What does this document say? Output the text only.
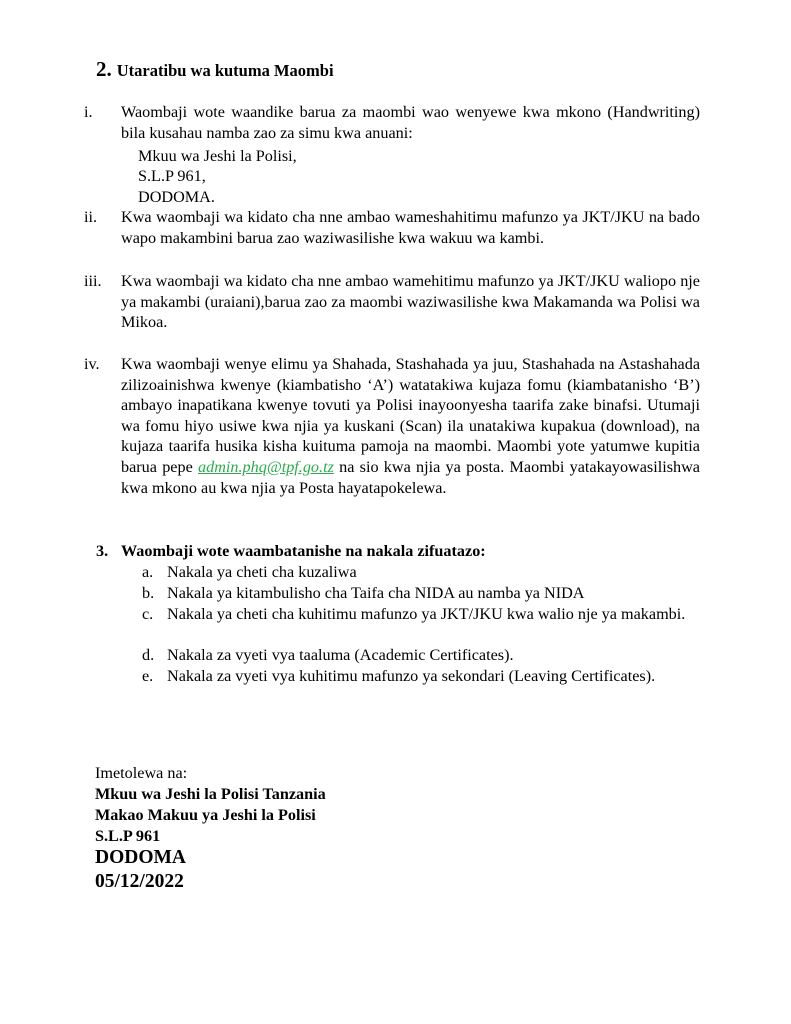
2. Utaratibu wa kutuma Maombi
i. Waombaji wote waandike barua za maombi wao wenyewe kwa mkono (Handwriting) bila kusahau namba zao za simu kwa anuani:
Mkuu wa Jeshi la Polisi,
S.L.P 961,
DODOMA.
ii. Kwa waombaji wa kidato cha nne ambao wameshahitimu mafunzo ya JKT/JKU na bado wapo makambini barua zao waziwasilishe kwa wakuu wa kambi.
iii. Kwa waombaji wa kidato cha nne ambao wamehitimu mafunzo ya JKT/JKU waliopo nje ya makambi (uraiani),barua zao za maombi waziwasilishe kwa Makamanda wa Polisi wa Mikoa.
iv. Kwa waombaji wenye elimu ya Shahada, Stashahada ya juu, Stashahada na Astashahada zilizoainishwa kwenye (kiambatisho ‘A’) watatakiwa kujaza fomu (kiambatanisho ‘B’) ambayo inapatikana kwenye tovuti ya Polisi inayoonyesha taarifa zake binafsi. Utumaji wa fomu hiyo usiwe kwa njia ya kuskani (Scan) ila unatakiwa kupakua (download), na kujaza taarifa husika kisha kuituma pamoja na maombi. Maombi yote yatumwe kupitia barua pepe admin.phq@tpf.go.tz na sio kwa njia ya posta. Maombi yatakayowasilishwa kwa mkono au kwa njia ya Posta hayatapokelewa.
3. Waombaji wote waambatanishe na nakala zifuatazo:
a. Nakala ya cheti cha kuzaliwa
b. Nakala ya kitambulisho cha Taifa cha NIDA au namba ya NIDA
c. Nakala ya cheti cha kuhitimu mafunzo ya JKT/JKU kwa walio nje ya makambi.
d. Nakala za vyeti vya taaluma (Academic Certificates).
e. Nakala za vyeti vya kuhitimu mafunzo ya sekondari (Leaving Certificates).
Imetolewa na:
Mkuu wa Jeshi la Polisi Tanzania
Makao Makuu ya Jeshi la Polisi
S.L.P 961
DODOMA
05/12/2022
